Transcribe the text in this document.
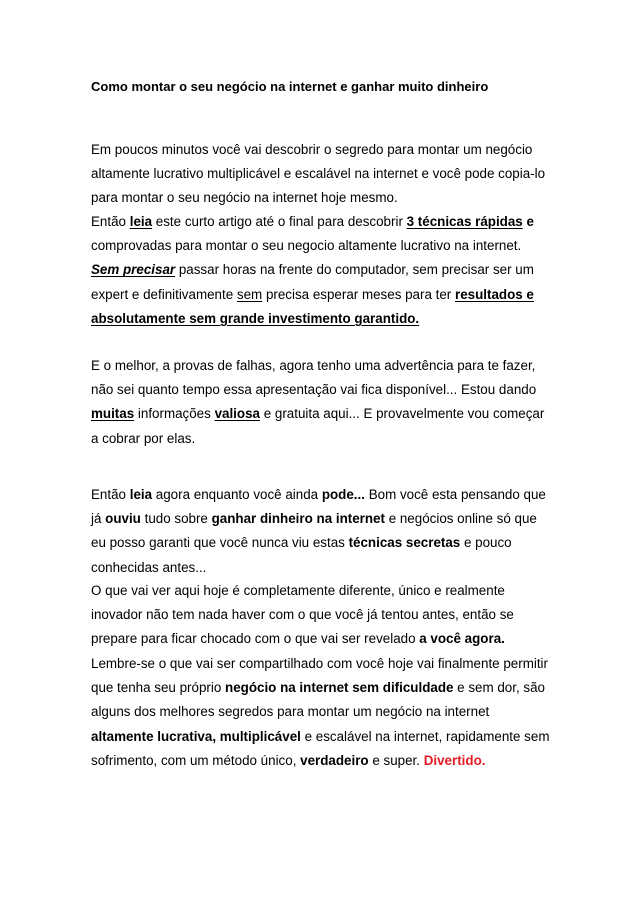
Como montar o seu negócio na internet e ganhar muito dinheiro

Em poucos minutos você vai descobrir o segredo para montar um negócio altamente lucrativo multiplicável e escalável na internet e você pode copia-lo para montar o seu negócio na internet hoje mesmo.

Então leia este curto artigo até o final para descobrir 3 técnicas rápidas e comprovadas para montar o seu negocio altamente lucrativo na internet. Sem precisar passar horas na frente do computador, sem precisar ser um expert e definitivamente sem precisa esperar meses para ter resultados e absolutamente sem grande investimento garantido.

E o melhor, a provas de falhas, agora tenho uma advertência para te fazer, não sei quanto tempo essa apresentação vai fica disponível... Estou dando muitas informações valiosa e gratuita aqui... E provavelmente vou começar a cobrar por elas.

Então leia agora enquanto você ainda pode... Bom você esta pensando que já ouviu tudo sobre ganhar dinheiro na internet e negócios online só que eu posso garanti que você nunca viu estas técnicas secretas e pouco conhecidas antes...

O que vai ver aqui hoje é completamente diferente, único e realmente inovador não tem nada haver com o que você já tentou antes, então se prepare para ficar chocado com o que vai ser revelado a você agora.

Lembre-se o que vai ser compartilhado com você hoje vai finalmente permitir que tenha seu próprio negócio na internet sem dificuldade e sem dor, são alguns dos melhores segredos para montar um negócio na internet altamente lucrativa, multiplicável e escalável na internet, rapidamente sem sofrimento, com um método único, verdadeiro e super. Divertido.
